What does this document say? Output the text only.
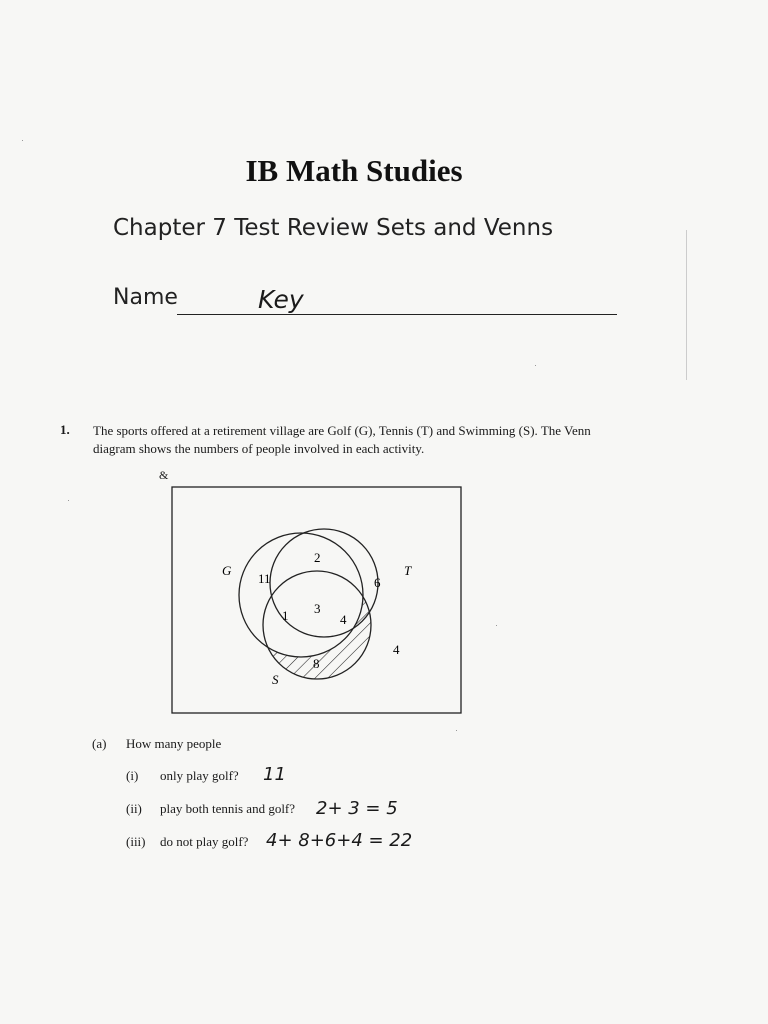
IB Math Studies
Chapter 7 Test Review Sets and Venns
Name	Key
1. The sports offered at a retirement village are Golf (G), Tennis (T) and Swimming (S). The Venn
diagram shows the numbers of people involved in each activity.
&
G	T
S
11
2
6
1 3
4
8
4
(a) How many people
(i) only play golf? 11
(ii) play both tennis and golf? 2+ 3 = 5
(iii) do not play golf? 4+ 8+6+4 = 22
